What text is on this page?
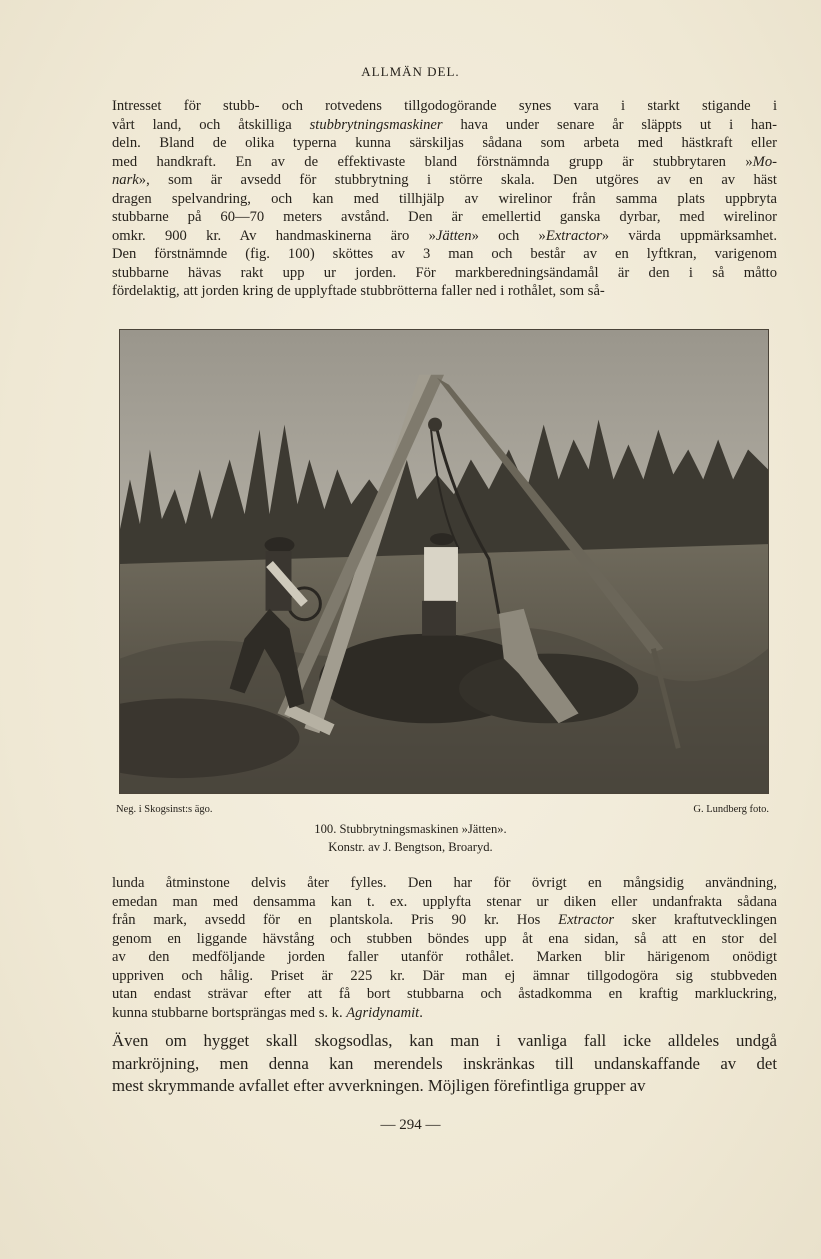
ALLMÄN DEL.
Intresset för stubb- och rotvedens tillgodogörande synes vara i starkt stigande i
vårt land, och åtskilliga stubbrytningsmaskiner hava under senare år släppts ut i han-
deln. Bland de olika typerna kunna särskiljas sådana som arbeta med hästkraft eller
med handkraft. En av de effektivaste bland förstnämnda grupp är stubbrytaren »Mo-
nark», som är avsedd för stubbrytning i större skala. Den utgöres av en av häst
dragen spelvandring, och kan med tillhjälp av wirelinor från samma plats uppbryta
stubbarne på 60—70 meters avstånd. Den är emellertid ganska dyrbar, med wirelinor
omkr. 900 kr. Av handmaskinerna äro »Jätten» och »Extractor» värda uppmärksamhet.
Den förstnämnde (fig. 100) sköttes av 3 man och består av en lyftkran, varigenom
stubbarne hävas rakt upp ur jorden. För markberedningsändamål är den i så måtto
fördelaktig, att jorden kring de upplyftade stubbrötterna faller ned i rothålet, som så-
Neg. i Skogsinst:s ägo.	G. Lundberg foto.
100. Stubbrytningsmaskinen »Jätten».
Konstr. av J. Bengtson, Broaryd.
lunda åtminstone delvis åter fylles. Den har för övrigt en mångsidig användning,
emedan man med densamma kan t. ex. upplyfta stenar ur diken eller undanfrakta sådana
från mark, avsedd för en plantskola. Pris 90 kr. Hos Extractor sker kraftutvecklingen
genom en liggande hävstång och stubben böndes upp åt ena sidan, så att en stor del
av den medföljande jorden faller utanför rothålet. Marken blir härigenom onödigt
uppriven och hålig. Priset är 225 kr. Där man ej ämnar tillgodogöra sig stubbveden
utan endast strävar efter att få bort stubbarna och åstadkomma en kraftig markluckring,
kunna stubbarne bortsprängas med s. k. Agridynamit.
Även om hygget skall skogsodlas, kan man i vanliga fall icke alldeles undgå
markröjning, men denna kan merendels inskränkas till undanskaffande av det
mest skrymmande avfallet efter avverkningen. Möjligen förefintliga grupper av
— 294 —
